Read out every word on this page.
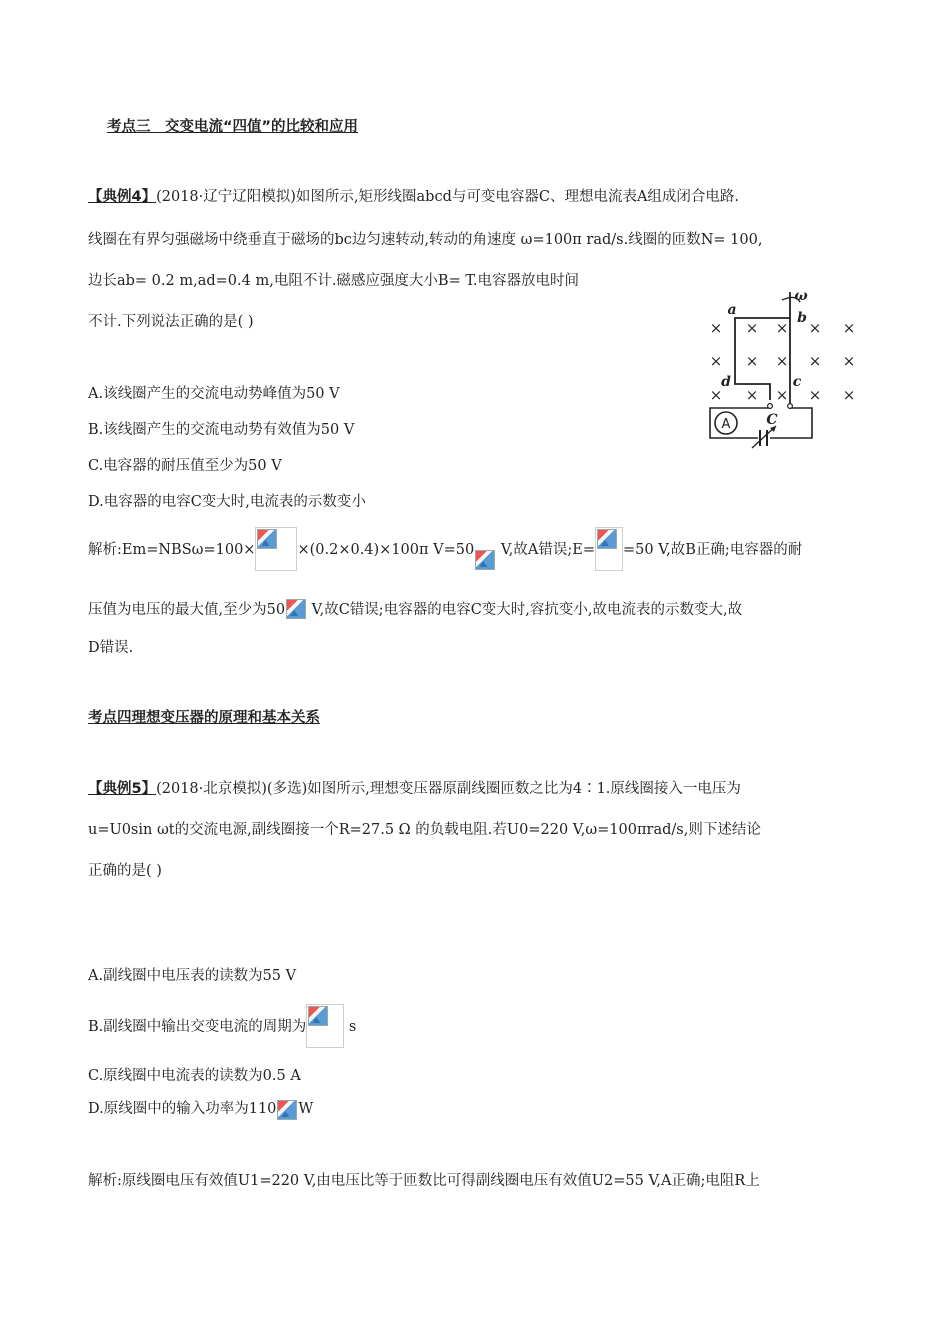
考点三　交变电流“四值”的比较和应用
【典例4】(2018·辽宁辽阳模拟)如图所示,矩形线圈abcd与可变电容器C、理想电流表A组成闭合电路.
线圈在有界匀强磁场中绕垂直于磁场的bc边匀速转动,转动的角速度 ω=100π rad/s.线圈的匝数N= 100,
边长ab= 0.2 m,ad=0.4 m,电阻不计.磁感应强度大小B= T.电容器放电时间
不计.下列说法正确的是( )	× × × × ×
× × × × ×
× × × × ×
ω
a	b
c
d
C
A
A.该线圈产生的交流电动势峰值为50 V
B.该线圈产生的交流电动势有效值为50 V
C.电容器的耐压值至少为50 V
D.电容器的电容C变大时,电流表的示数变小
解析:Em=NBSω=100×	×(0.2×0.4)×100π V=50
V,故A错误;E= =50 V,故B正确;电容器的耐
压值为电压的最大值,至少为50
V,故C错误;电容器的电容C变大时,容抗变小,故电流表的示数变大,故
D错误.
考点四理想变压器的原理和基本关系
【典例5】(2018·北京模拟)(多选)如图所示,理想变压器原副线圈匝数之比为4∶1.原线圈接入一电压为
u=U0sin ωt的交流电源,副线圈接一个R=27.5 Ω 的负载电阻.若U0=220 V,ω=100πrad/s,则下述结论
正确的是( )
A.副线圈中电压表的读数为55 V
B.副线圈中输出交变电流的周期为	s
C.原线圈中电流表的读数为0.5 A
D.原线圈中的输入功率为110 W
解析:原线圈电压有效值U1=220 V,由电压比等于匝数比可得副线圈电压有效值U2=55 V,A正确;电阻R上
